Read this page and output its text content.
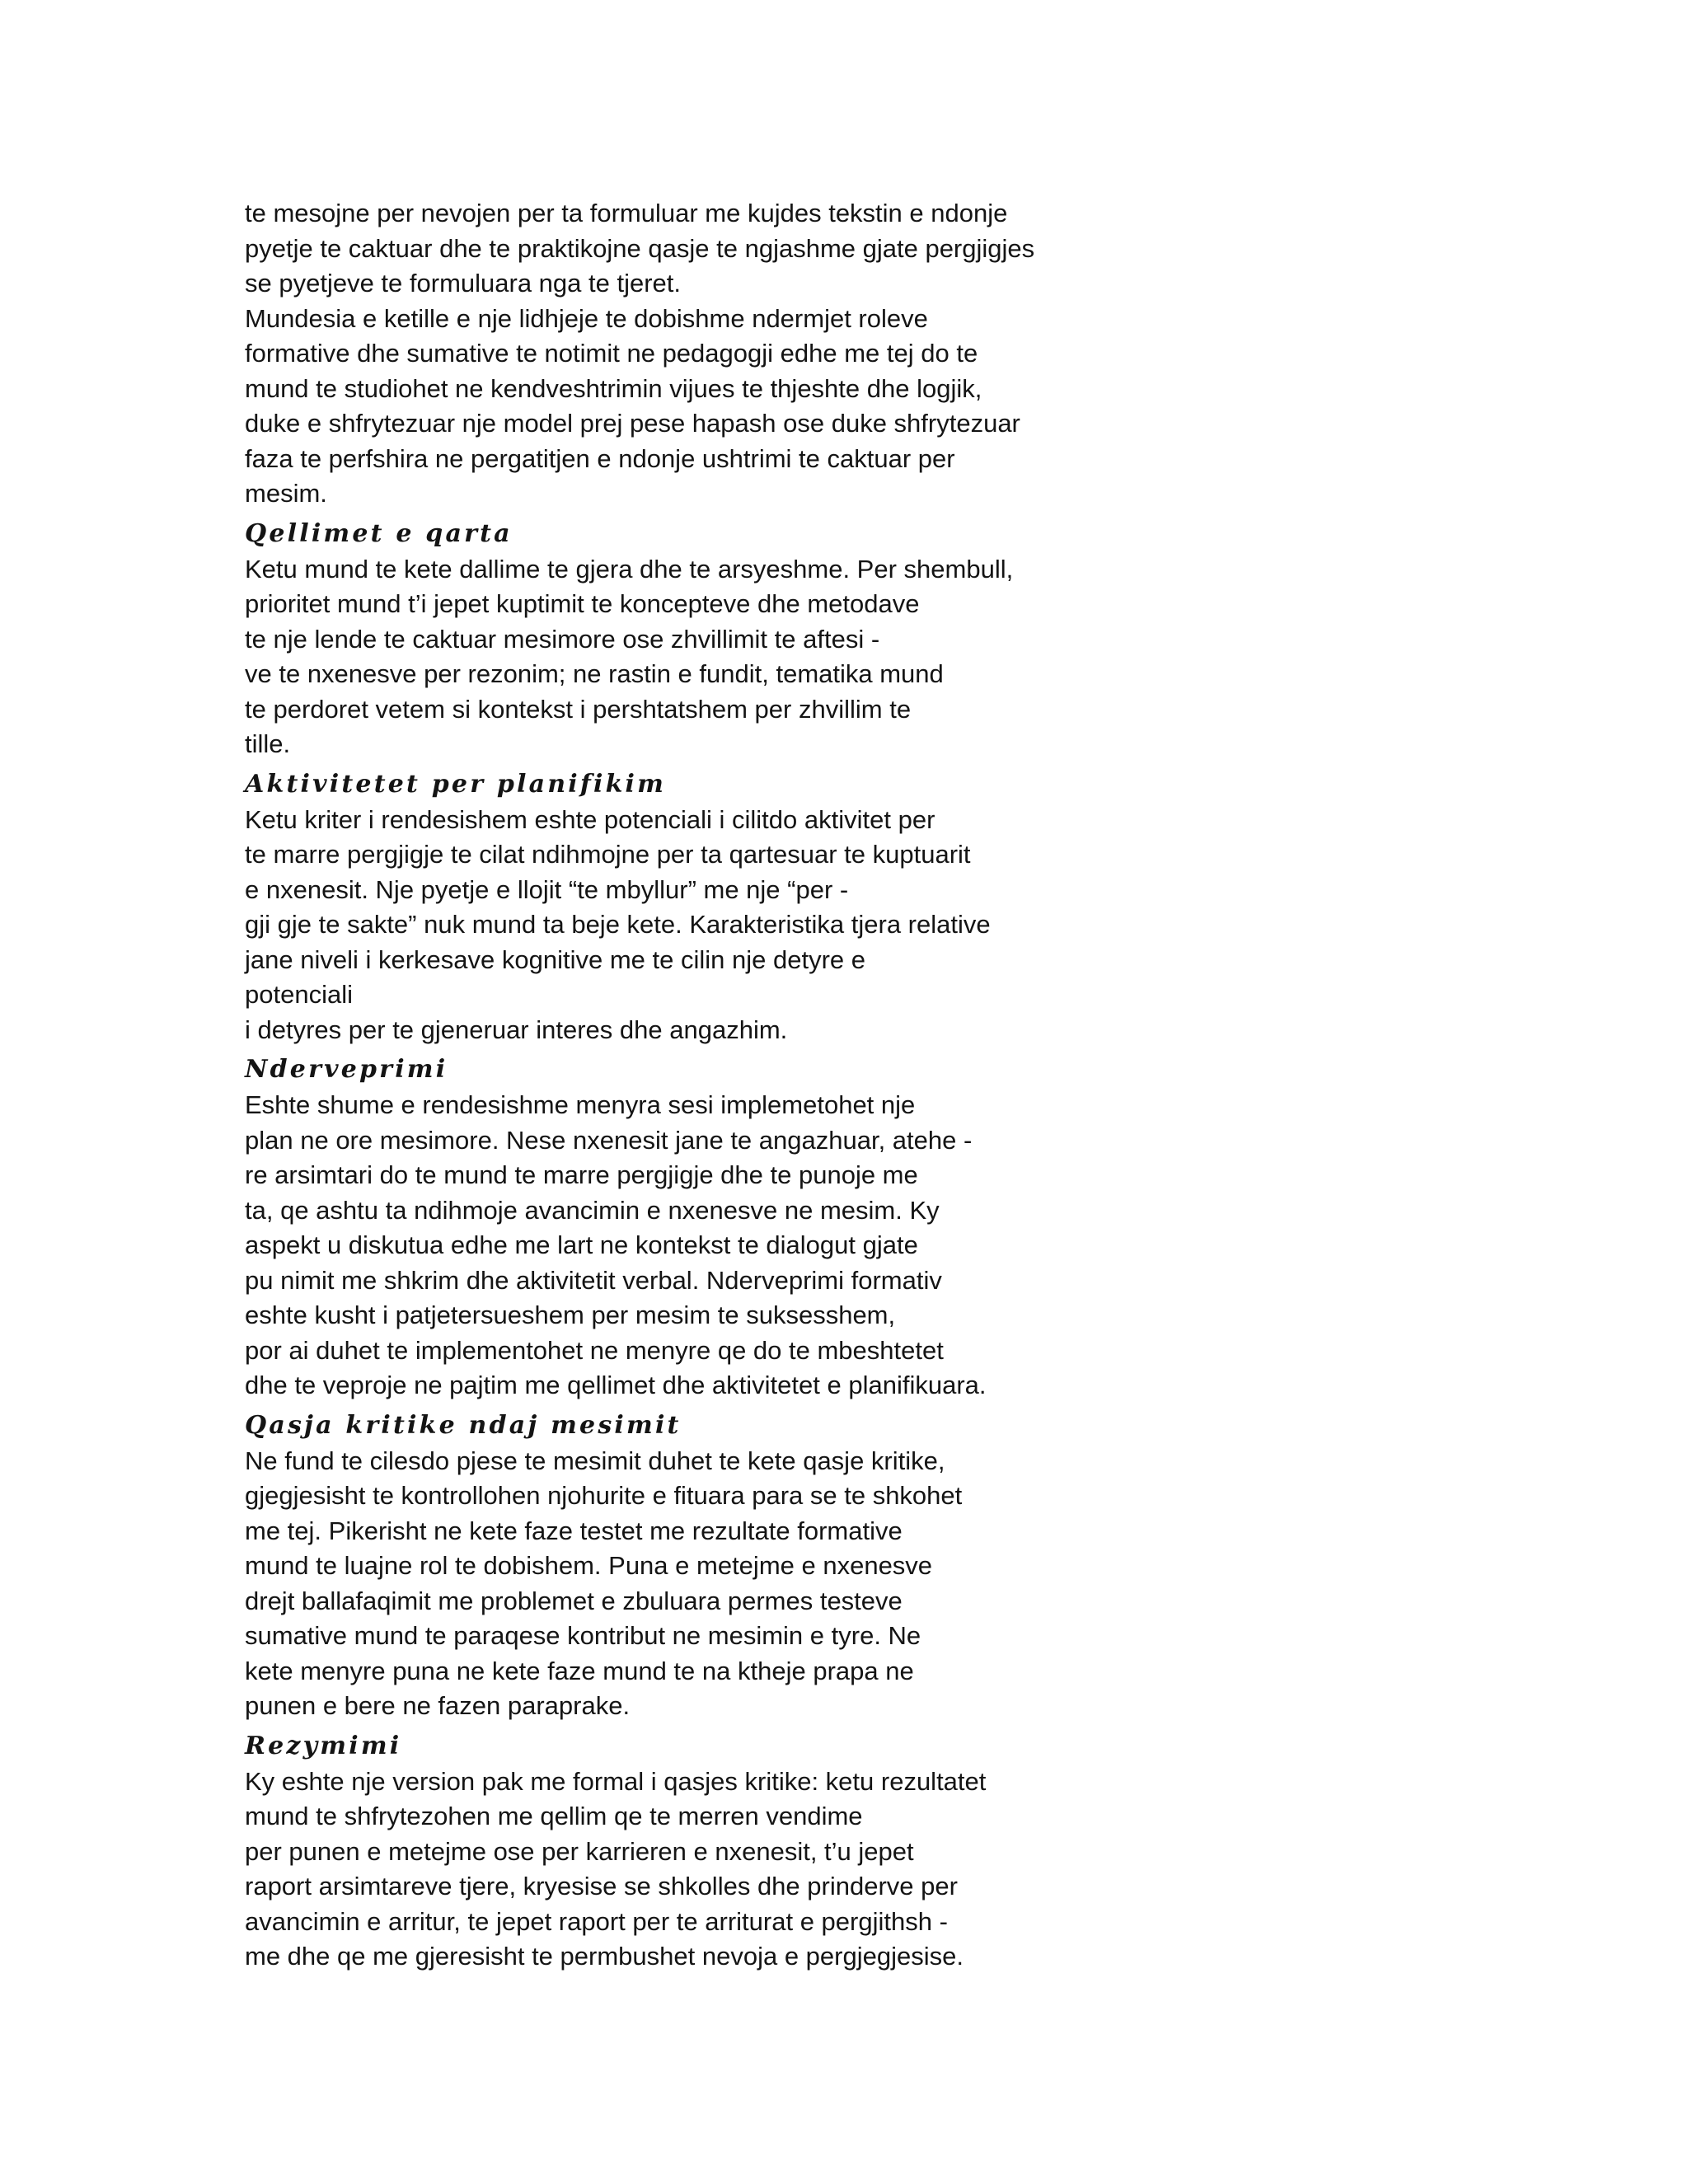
te mesojne per nevojen per ta formuluar me kujdes tekstin e ndonje

pyetje te caktuar dhe te praktikojne qasje te ngjashme gjate pergjigjes

se pyetjeve te formuluara nga te tjeret.

Mundesia e ketille e nje lidhjeje te dobishme ndermjet roleve

formative dhe sumative te notimit ne pedagogji edhe me tej do te

mund te studiohet ne kendveshtrimin vijues te thjeshte dhe logjik,

duke e shfrytezuar nje model prej pese hapash ose duke shfrytezuar

faza te perfshira ne pergatitjen e ndonje ushtrimi te caktuar per

mesim.

Qellimet e qarta

Ketu mund te kete dallime te gjera dhe te arsyeshme. Per shembull,

prioritet mund t’i jepet kuptimit te koncepteve dhe metodave

te nje lende te caktuar mesimore ose zhvillimit te aftesi -

ve te nxenesve per rezonim; ne rastin e fundit, tematika mund

te perdoret vetem si kontekst i pershtatshem per zhvillim te

tille.

Aktivitetet per planifikim

Ketu kriter i rendesishem eshte potenciali i cilitdo aktivitet per

te marre pergjigje te cilat ndihmojne per ta qartesuar te kuptuarit

e nxenesit. Nje pyetje e llojit “te mbyllur” me nje “per -

gji gje te sakte” nuk mund ta beje kete. Karakteristika tjera relative

jane niveli i kerkesave kognitive me te cilin nje detyre e

potenciali

i detyres per te gjeneruar interes dhe angazhim.

Nderveprimi

Eshte shume e rendesishme menyra sesi implemetohet nje

plan ne ore mesimore. Nese nxenesit jane te angazhuar, atehe -

re arsimtari do te mund te marre pergjigje dhe te punoje me

ta, qe ashtu ta ndihmoje avancimin e nxenesve ne mesim. Ky

aspekt u diskutua edhe me lart ne kontekst te dialogut gjate

pu nimit me shkrim dhe aktivitetit verbal. Nderveprimi formativ

eshte kusht i patjetersueshem per mesim te suksesshem,

por ai duhet te implementohet ne menyre qe do te mbeshtetet

dhe te veproje ne pajtim me qellimet dhe aktivitetet e planifikuara.

Qasja kritike ndaj mesimit

Ne fund te cilesdo pjese te mesimit duhet te kete qasje kritike,

gjegjesisht te kontrollohen njohurite e fituara para se te shkohet

me tej. Pikerisht ne kete faze testet me rezultate formative

mund te luajne rol te dobishem. Puna e metejme e nxenesve

drejt ballafaqimit me problemet e zbuluara permes testeve

sumative mund te paraqese kontribut ne mesimin e tyre. Ne

kete menyre puna ne kete faze mund te na ktheje prapa ne

punen e bere ne fazen paraprake.

Rezymimi

Ky eshte nje version pak me formal i qasjes kritike: ketu rezultatet

mund te shfrytezohen me qellim qe te merren vendime

per punen e metejme ose per karrieren e nxenesit, t’u jepet

raport arsimtareve tjere, kryesise se shkolles dhe prinderve per

avancimin e arritur, te jepet raport per te arriturat e pergjithsh -

me dhe qe me gjeresisht te permbushet nevoja e pergjegjesise.
